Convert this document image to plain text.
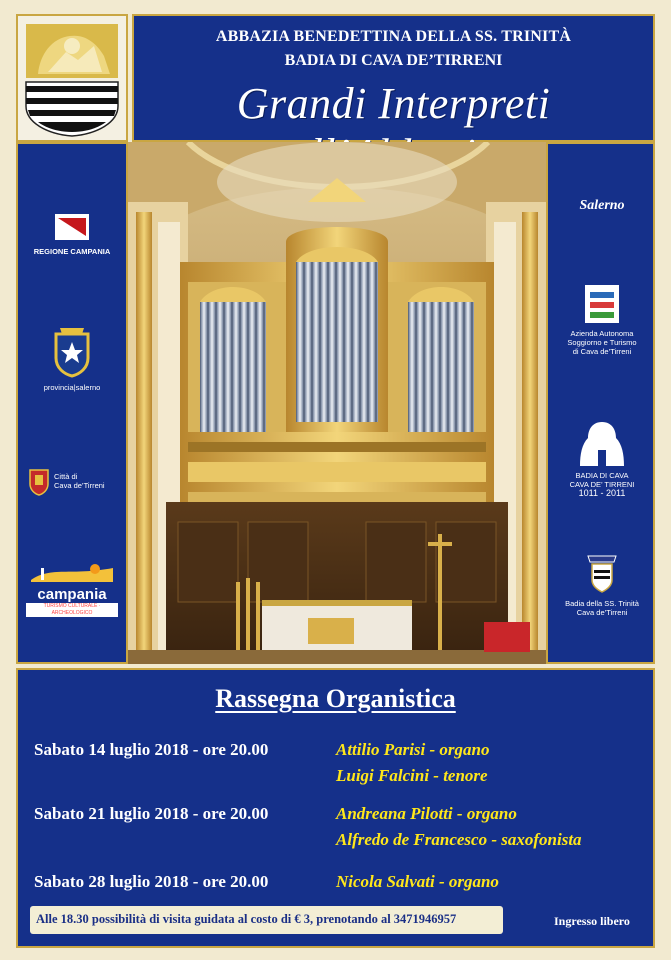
ABBAZIA BENEDETTINA DELLA SS. TRINITÀ
BADIA DI CAVA DE’TIRRENI
Grandi Interpreti
REGIONE CAMPANIA
provincia|salerno
Città di
Cava de’Tirreni
campania
TURISMO CULTURALE · ARCHEOLOGICO
Salerno
Azienda Autonoma
Soggiorno e Turismo
di Cava de’Tirreni
BADIA DI CAVA
CAVA DE’ TIRRENI
1011 - 2011
Badia della SS. Trinità
Cava de’Tirreni
Rassegna Organistica
Sabato 14 luglio 2018 - ore 20.00	Attilio Parisi - organo
Luigi Falcini - tenore
Sabato 21 luglio 2018 - ore 20.00	Andreana Pilotti - organo
Alfredo de Francesco - saxofonista
Sabato 28 luglio 2018 - ore 20.00	Nicola Salvati - organo
Alle 18.30 possibilità di visita guidata al costo di € 3, prenotando al 3471946957	Ingresso libero
